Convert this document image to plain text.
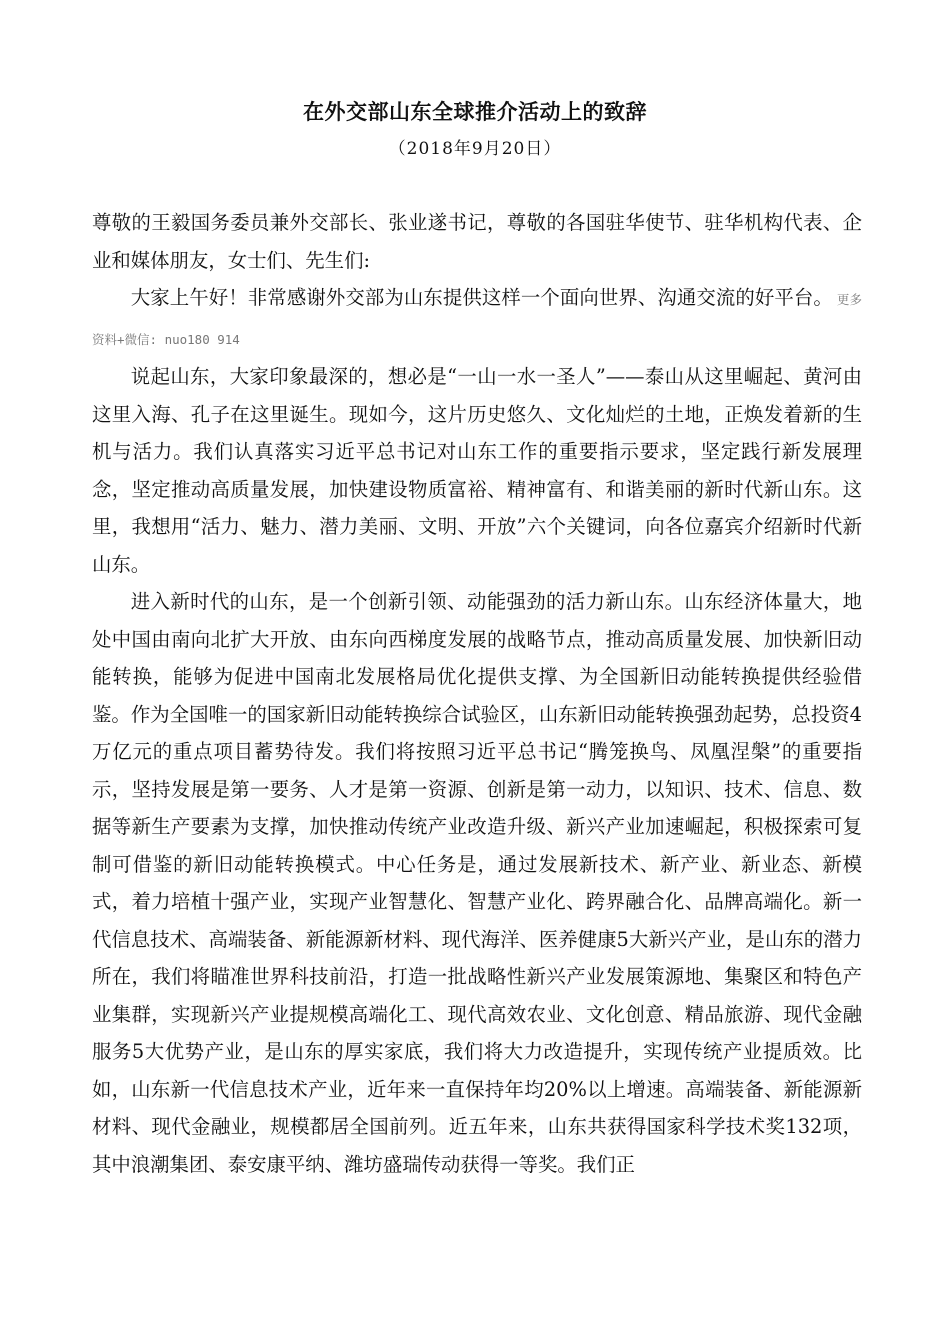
在外交部山东全球推介活动上的致辞
（2018年9月20日）

尊敬的王毅国务委员兼外交部长、张业遂书记，尊敬的各国驻华使节、驻华机构代表、企业和媒体朋友，女士们、先生们:

大家上午好！非常感谢外交部为山东提供这样一个面向世界、沟通交流的好平台。 更多资料+微信: nuo180 914

说起山东，大家印象最深的，想必是“一山一水一圣人”——泰山从这里崛起、黄河由这里入海、孔子在这里诞生。现如今，这片历史悠久、文化灿烂的土地，正焕发着新的生机与活力。我们认真落实习近平总书记对山东工作的重要指示要求，坚定践行新发展理念，坚定推动高质量发展，加快建设物质富裕、精神富有、和谐美丽的新时代新山东。这里，我想用“活力、魅力、潜力美丽、文明、开放”六个关键词，向各位嘉宾介绍新时代新山东。

进入新时代的山东，是一个创新引领、动能强劲的活力新山东。山东经济体量大，地处中国由南向北扩大开放、由东向西梯度发展的战略节点，推动高质量发展、加快新旧动能转换，能够为促进中国南北发展格局优化提供支撑、为全国新旧动能转换提供经验借鉴。作为全国唯一的国家新旧动能转换综合试验区，山东新旧动能转换强劲起势，总投资4万亿元的重点项目蓄势待发。我们将按照习近平总书记“腾笼换鸟、凤凰涅槃”的重要指示，坚持发展是第一要务、人才是第一资源、创新是第一动力，以知识、技术、信息、数据等新生产要素为支撑，加快推动传统产业改造升级、新兴产业加速崛起，积极探索可复制可借鉴的新旧动能转换模式。中心任务是，通过发展新技术、新产业、新业态、新模式，着力培植十强产业，实现产业智慧化、智慧产业化、跨界融合化、品牌高端化。新一代信息技术、高端装备、新能源新材料、现代海洋、医养健康5大新兴产业，是山东的潜力所在，我们将瞄准世界科技前沿，打造一批战略性新兴产业发展策源地、集聚区和特色产业集群，实现新兴产业提规模高端化工、现代高效农业、文化创意、精品旅游、现代金融服务5大优势产业，是山东的厚实家底，我们将大力改造提升，实现传统产业提质效。比如，山东新一代信息技术产业，近年来一直保持年均20%以上增速。高端装备、新能源新材料、现代金融业，规模都居全国前列。近五年来，山东共获得国家科学技术奖132项，其中浪潮集团、泰安康平纳、潍坊盛瑞传动获得一等奖。我们正
